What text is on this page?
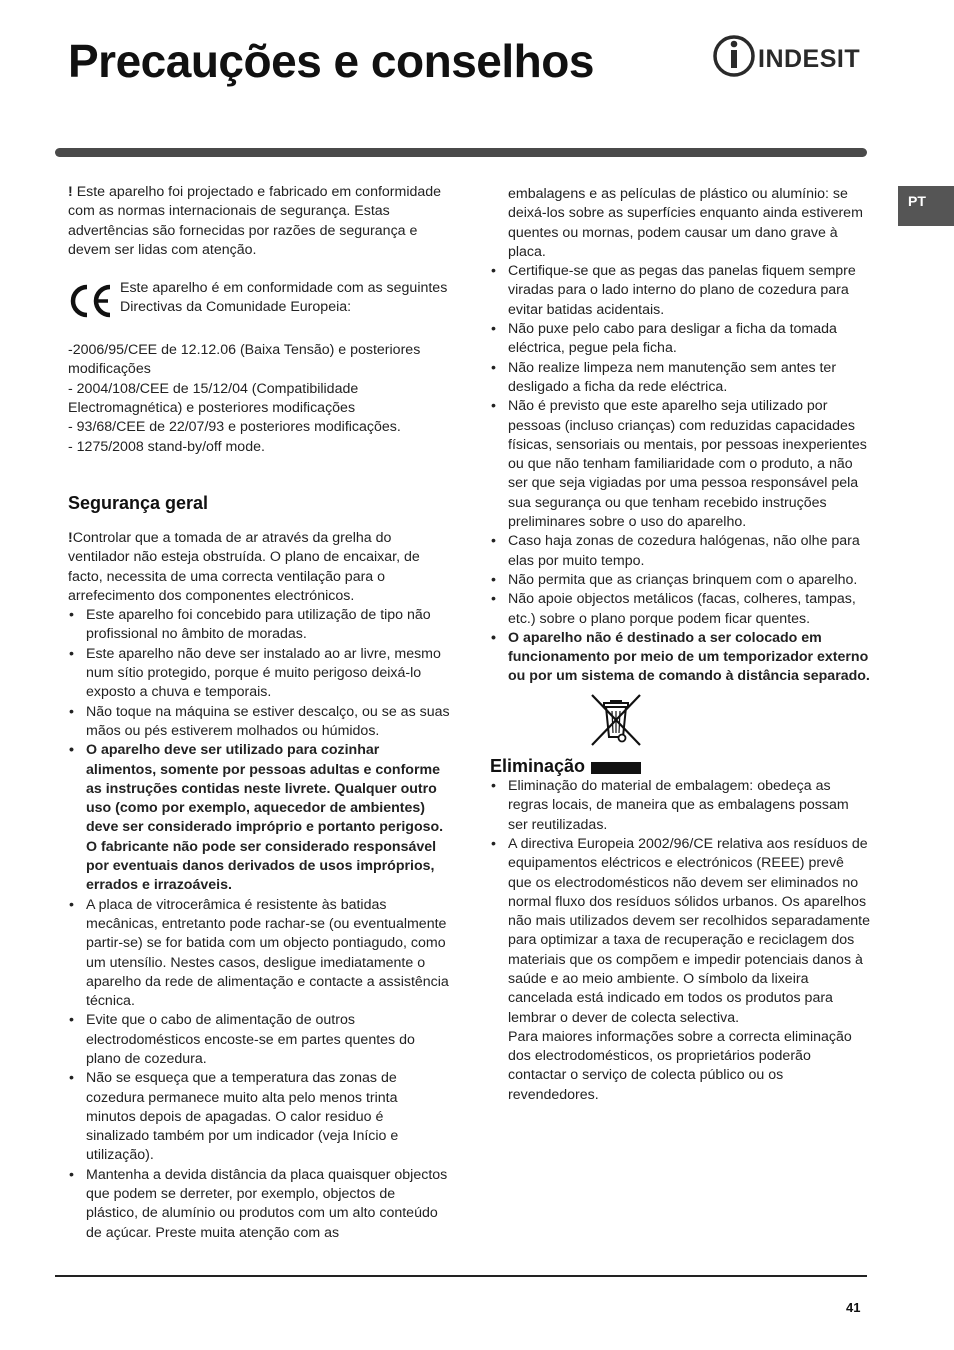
Precauções e conselhos	INDESIT
PT

! Este aparelho foi projectado e fabricado em conformidade com as normas internacionais de segurança. Estas advertências são fornecidas por razões de segurança e devem ser lidas com atenção.

Este aparelho é em conformidade com as seguintes Directivas da Comunidade Europeia:

-2006/95/CEE de 12.12.06 (Baixa Tensão) e posteriores modificações

- 2004/108/CEE de 15/12/04 (Compatibilidade Electromagnética) e posteriores modificações

- 93/68/CEE de 22/07/93 e posteriores modificações.

- 1275/2008 stand-by/off mode.

Segurança geral

!Controlar que a tomada de ar através da grelha do ventilador não esteja obstruída. O plano de encaixar, de facto, necessita de uma correcta ventilação para o arrefecimento dos componentes electrónicos.

• Este aparelho foi concebido para utilização de tipo não profissional no âmbito de moradas.
• Este aparelho não deve ser instalado ao ar livre, mesmo num sítio protegido, porque é muito perigoso deixá-lo exposto a chuva e temporais.
• Não toque na máquina se estiver descalço, ou se as suas mãos ou pés estiverem molhados ou húmidos.
• O aparelho deve ser utilizado para cozinhar alimentos, somente por pessoas adultas e conforme as instruções contidas neste livrete. Qualquer outro uso (como por exemplo, aquecedor de ambientes) deve ser considerado impróprio e portanto perigoso. O fabricante não pode ser considerado responsável por eventuais danos derivados de usos impróprios, errados e irrazoáveis.
• A placa de vitrocerâmica é resistente às batidas mecânicas, entretanto pode rachar-se (ou eventualmente partir-se) se for batida com um objecto pontiagudo, como um utensílio. Nestes casos, desligue imediatamente o aparelho da rede de alimentação e contacte a assistência técnica.
• Evite que o cabo de alimentação de outros electrodomésticos encoste-se em partes quentes do plano de cozedura.
• Não se esqueça que a temperatura das zonas de cozedura permanece muito alta pelo menos trinta minutos depois de apagadas. O calor residuo é sinalizado também por um indicador (veja Início e utilização).
• Mantenha a devida distância da placa quaisquer objectos que podem se derreter, por exemplo, objectos de plástico, de alumínio ou produtos com um alto conteúdo de açúcar. Preste muita atenção com as

embalagens e as películas de plástico ou alumínio: se deixá-los sobre as superfícies enquanto ainda estiverem quentes ou mornas, podem causar um dano grave à placa.

• Certifique-se que as pegas das panelas fiquem sempre viradas para o lado interno do plano de cozedura para evitar batidas acidentais.
• Não puxe pelo cabo para desligar a ficha da tomada eléctrica, pegue pela ficha.
• Não realize limpeza nem manutenção sem antes ter desligado a ficha da rede eléctrica.
• Não é previsto que este aparelho seja utilizado por pessoas (incluso crianças) com reduzidas capacidades físicas, sensoriais ou mentais, por pessoas inexperientes ou que não tenham familiaridade com o produto, a não ser que seja vigiadas por uma pessoa responsável pela sua segurança ou que tenham recebido instruções preliminares sobre o uso do aparelho.
• Caso haja zonas de cozedura halógenas, não olhe para elas por muito tempo.
• Não permita que as crianças brinquem com o aparelho.
• Não apoie objectos metálicos (facas, colheres, tampas, etc.) sobre o plano porque podem ficar quentes.
• O aparelho não é destinado a ser colocado em funcionamento por meio de um temporizador externo ou por um sistema de comando à distância separado.
Eliminação
• Eliminação do material de embalagem: obedeça as regras locais, de maneira que as embalagens possam ser reutilizadas.
• A directiva Europeia 2002/96/CE relativa aos resíduos de equipamentos eléctricos e electrónicos (REEE) prevê que os electrodomésticos não devem ser eliminados no normal fluxo dos resíduos sólidos urbanos. Os aparelhos não mais utilizados devem ser recolhidos separadamente para optimizar a taxa de recuperação e reciclagem dos materiais que os compõem e impedir potenciais danos à saúde e ao meio ambiente. O símbolo da lixeira cancelada está indicado em todos os produtos para lembrar o dever de colecta selectiva.

Para maiores informações sobre a correcta eliminação dos electrodomésticos, os proprietários poderão contactar o serviço de colecta público ou os revendedores.

41
